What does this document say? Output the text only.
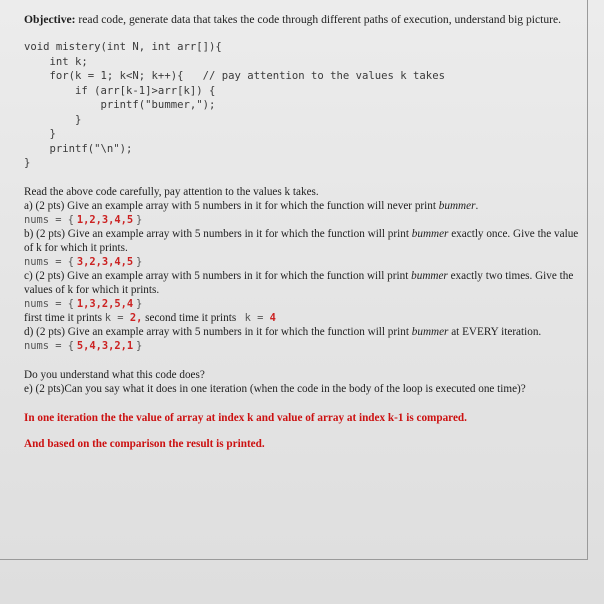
Objective: read code, generate data that takes the code through different paths of execution, understand big picture.

void mistery(int N, int arr[]){
int k;
for(k = 1; k<N; k++){   // pay attention to the values k takes
if (arr[k-1]>arr[k]) {
printf("bummer,");
}
}
printf("\n");
}

Read the above code carefully, pay attention to the values k takes.

a) (2 pts) Give an example array with 5 numbers in it for which the function will never print bummer.

nums = { 1,2,3,4,5 }

b) (2 pts) Give an example array with 5 numbers in it for which the function will print bummer exactly once. Give the value of k for which it prints.

nums = { 3,2,3,4,5 }

c) (2 pts) Give an example array with 5 numbers in it for which the function will print bummer exactly two times. Give the values of k for which it prints.

nums = { 1,3,2,5,4 }
first time it prints k = 2, second time it prints   k = 4

d) (2 pts) Give an example array with 5 numbers in it for which the function will print bummer at EVERY iteration.

nums = { 5,4,3,2,1 }

Do you understand what this code does?

e) (2 pts)Can you say what it does in one iteration (when the code in the body of the loop is executed one time)?

In one iteration the the value of array at index k and value of array at index k-1 is compared.

And based on the comparison the result is printed.
